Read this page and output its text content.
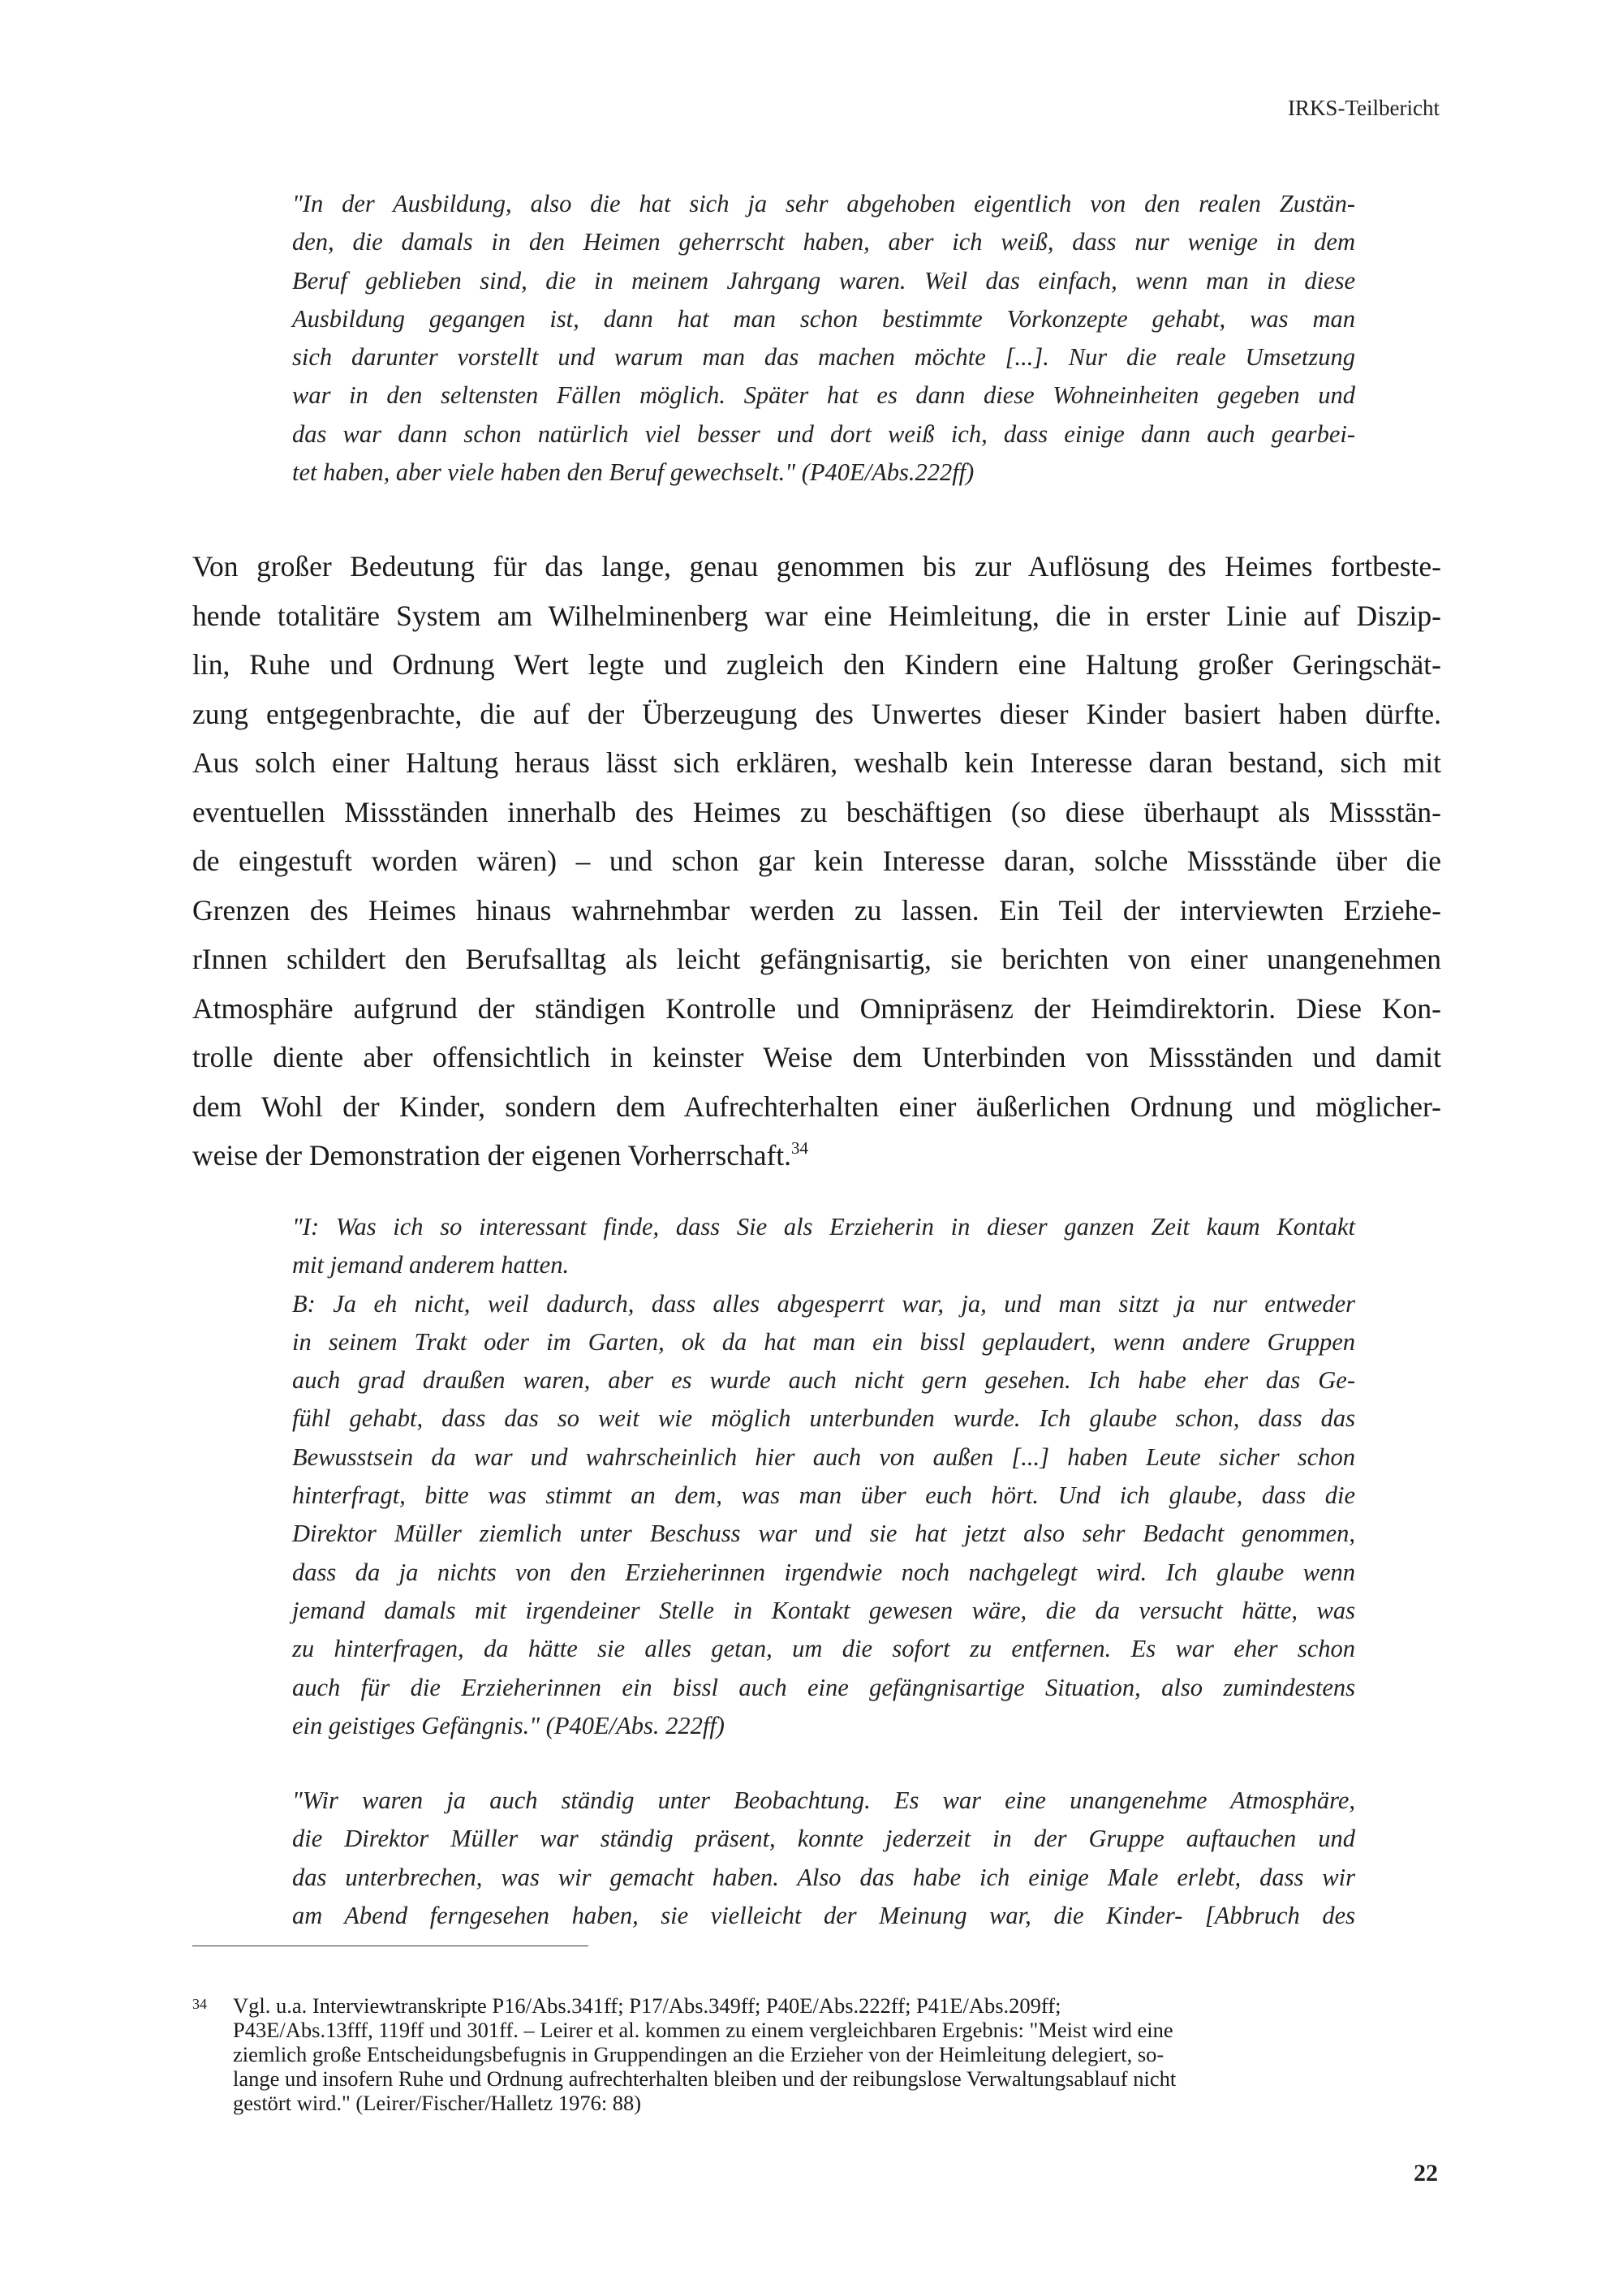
IRKS-Teilbericht
"In der Ausbildung, also die hat sich ja sehr abgehoben eigentlich von den realen Zustän-
den, die damals in den Heimen geherrscht haben, aber ich weiß, dass nur wenige in dem
Beruf geblieben sind, die in meinem Jahrgang waren. Weil das einfach, wenn man in diese
Ausbildung gegangen ist, dann hat man schon bestimmte Vorkonzepte gehabt, was man
sich darunter vorstellt und warum man das machen möchte [...]. Nur die reale Umsetzung
war in den seltensten Fällen möglich. Später hat es dann diese Wohneinheiten gegeben und
das war dann schon natürlich viel besser und dort weiß ich, dass einige dann auch gearbei-
tet haben, aber viele haben den Beruf gewechselt." (P40E/Abs.222ff)
Von großer Bedeutung für das lange, genau genommen bis zur Auflösung des Heimes fortbeste-
hende totalitäre System am Wilhelminenberg war eine Heimleitung, die in erster Linie auf Diszip-
lin, Ruhe und Ordnung Wert legte und zugleich den Kindern eine Haltung großer Geringschät-
zung entgegenbrachte, die auf der Überzeugung des Unwertes dieser Kinder basiert haben dürfte.
Aus solch einer Haltung heraus lässt sich erklären, weshalb kein Interesse daran bestand, sich mit
eventuellen Missständen innerhalb des Heimes zu beschäftigen (so diese überhaupt als Missstän-
de eingestuft worden wären) – und schon gar kein Interesse daran, solche Missstände über die
Grenzen des Heimes hinaus wahrnehmbar werden zu lassen. Ein Teil der interviewten Erziehe-
rInnen schildert den Berufsalltag als leicht gefängnisartig, sie berichten von einer unangenehmen
Atmosphäre aufgrund der ständigen Kontrolle und Omnipräsenz der Heimdirektorin. Diese Kon-
trolle diente aber offensichtlich in keinster Weise dem Unterbinden von Missständen und damit
dem Wohl der Kinder, sondern dem Aufrechterhalten einer äußerlichen Ordnung und möglicher-
weise der Demonstration der eigenen Vorherrschaft.$^{34}$
"I: Was ich so interessant finde, dass Sie als Erzieherin in dieser ganzen Zeit kaum Kontakt
mit jemand anderem hatten.
B: Ja eh nicht, weil dadurch, dass alles abgesperrt war, ja, und man sitzt ja nur entweder
in seinem Trakt oder im Garten, ok da hat man ein bissl geplaudert, wenn andere Gruppen
auch grad draußen waren, aber es wurde auch nicht gern gesehen. Ich habe eher das Ge-
fühl gehabt, dass das so weit wie möglich unterbunden wurde. Ich glaube schon, dass das
Bewusstsein da war und wahrscheinlich hier auch von außen [...] haben Leute sicher schon
hinterfragt, bitte was stimmt an dem, was man über euch hört. Und ich glaube, dass die
Direktor Müller ziemlich unter Beschuss war und sie hat jetzt also sehr Bedacht genommen,
dass da ja nichts von den Erzieherinnen irgendwie noch nachgelegt wird. Ich glaube wenn
jemand damals mit irgendeiner Stelle in Kontakt gewesen wäre, die da versucht hätte, was
zu hinterfragen, da hätte sie alles getan, um die sofort zu entfernen. Es war eher schon
auch für die Erzieherinnen ein bissl auch eine gefängnisartige Situation, also zumindestens
ein geistiges Gefängnis." (P40E/Abs. 222ff)
"Wir waren ja auch ständig unter Beobachtung. Es war eine unangenehme Atmosphäre,
die Direktor Müller war ständig präsent, konnte jederzeit in der Gruppe auftauchen und
das unterbrechen, was wir gemacht haben. Also das habe ich einige Male erlebt, dass wir
am Abend ferngesehen haben, sie vielleicht der Meinung war, die Kinder- [Abbruch des
34 Vgl. u.a. Interviewtranskripte P16/Abs.341ff; P17/Abs.349ff; P40E/Abs.222ff; P41E/Abs.209ff;
P43E/Abs.13fff, 119ff und 301ff. – Leirer et al. kommen zu einem vergleichbaren Ergebnis: "Meist wird eine
ziemlich große Entscheidungsbefugnis in Gruppendingen an die Erzieher von der Heimleitung delegiert, so-
lange und insofern Ruhe und Ordnung aufrechterhalten bleiben und der reibungslose Verwaltungsablauf nicht
gestört wird." (Leirer/Fischer/Halletz 1976: 88)
22
